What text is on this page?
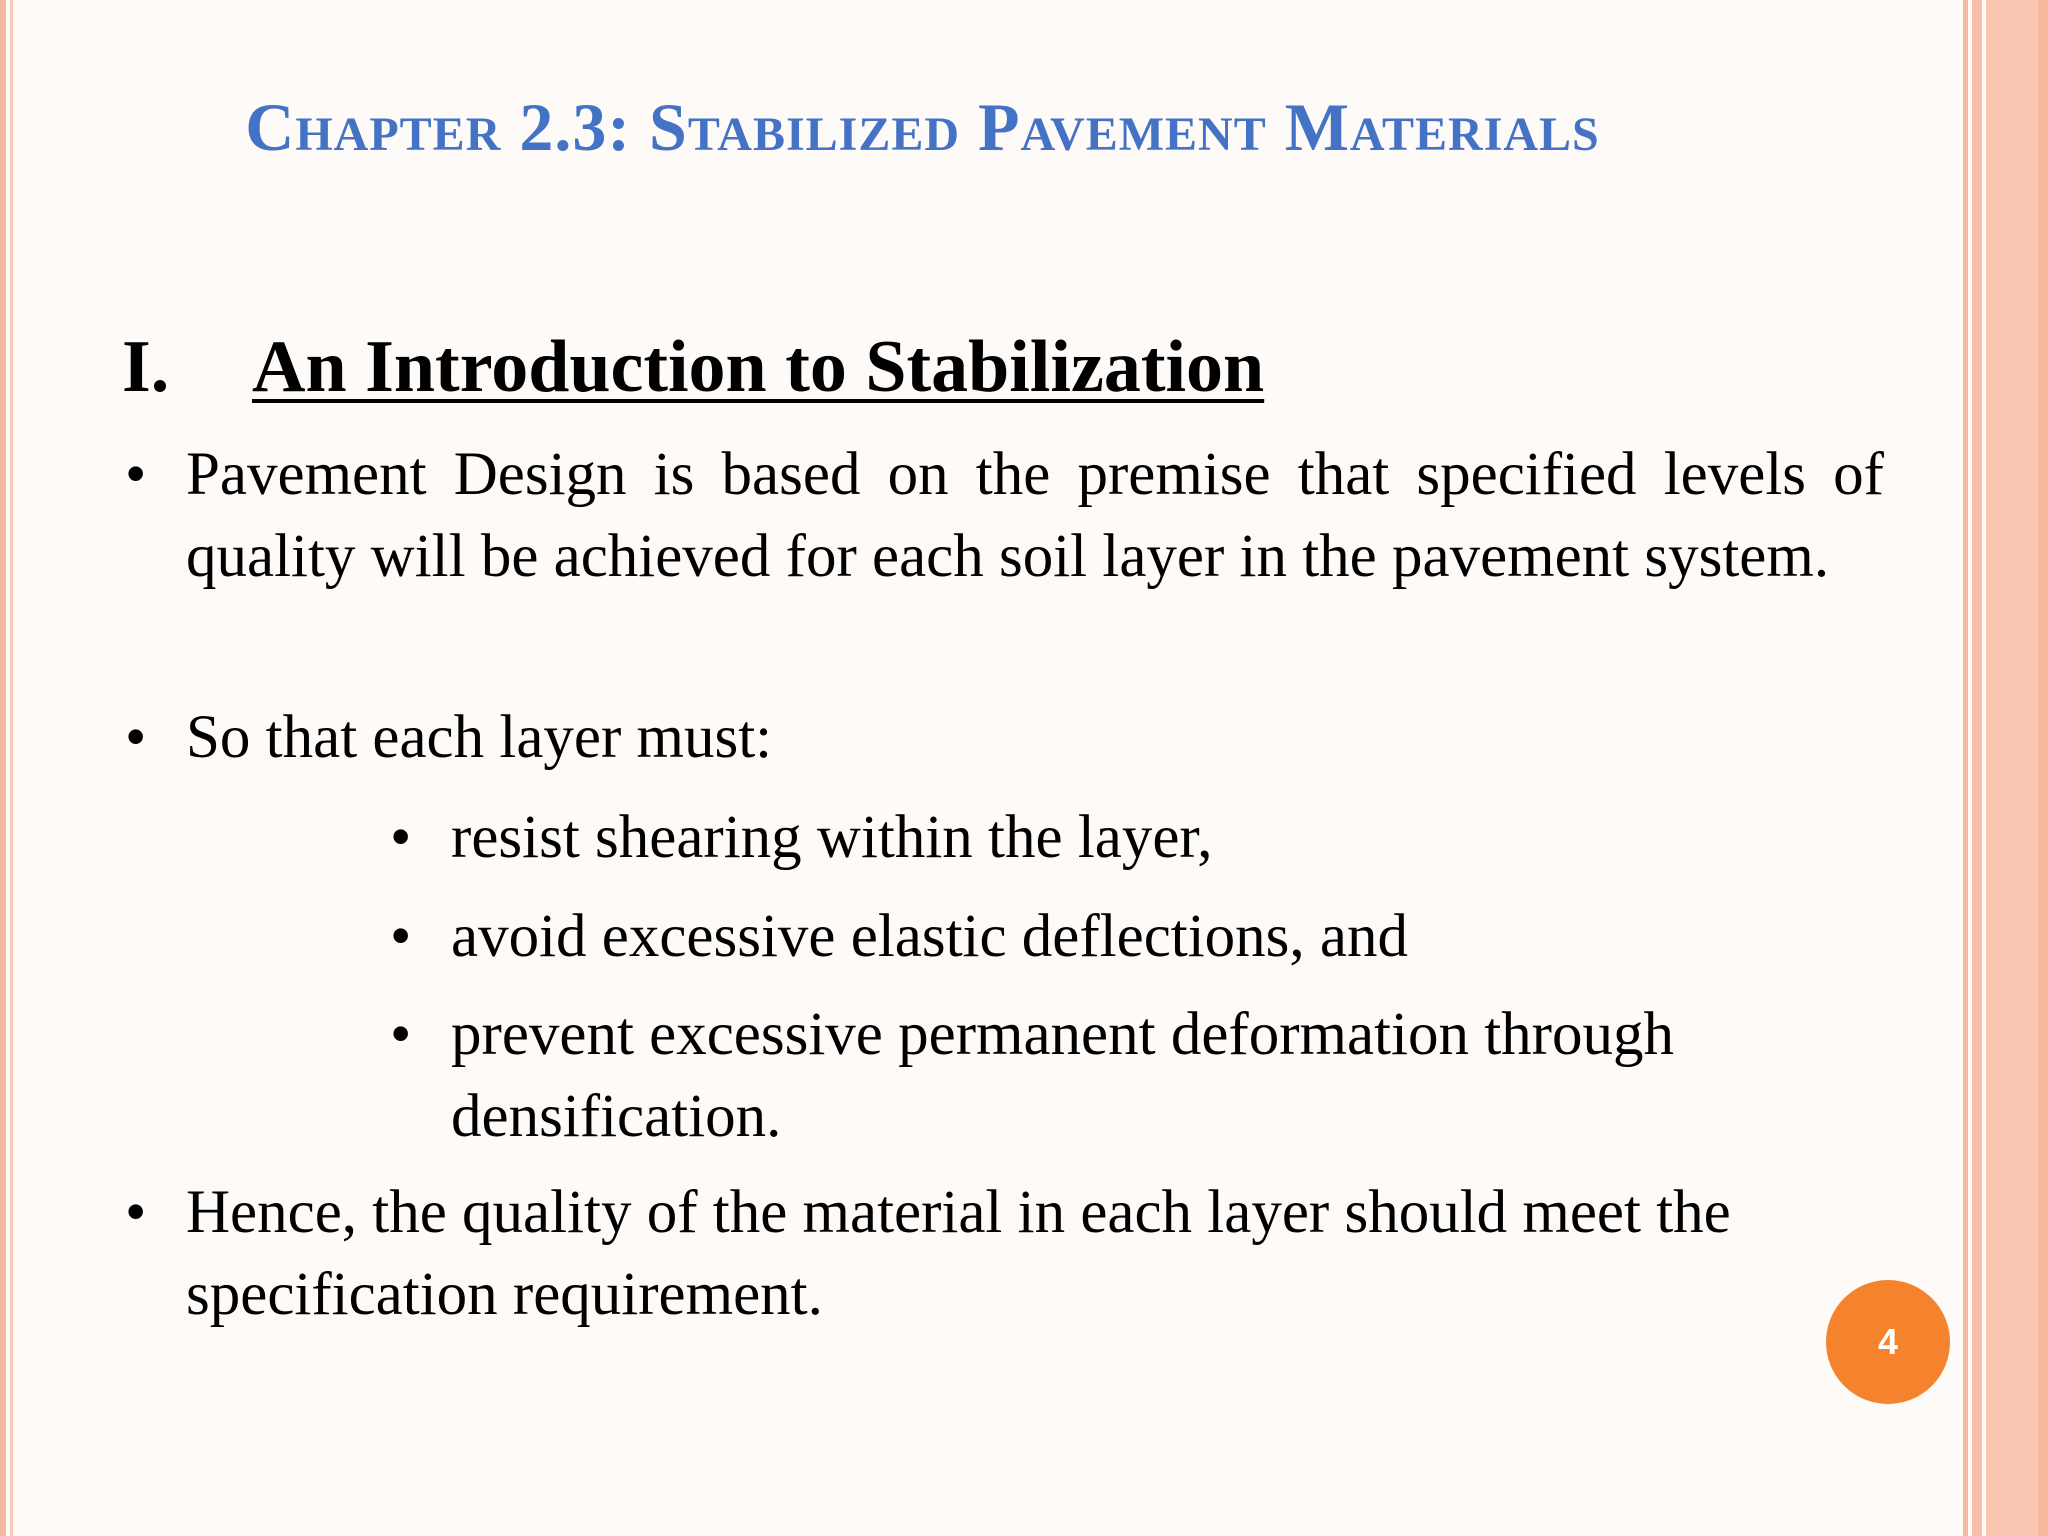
Chapter 2.3: Stabilized Pavement Materials
I. An Introduction to Stabilization
• Pavement Design is based on the premise that specified levels of quality will be achieved for each soil layer in the pavement system.
• So that each layer must:
• resist shearing within the layer,
• avoid excessive elastic deflections, and
• prevent excessive permanent deformation through densification.
• Hence, the quality of the material in each layer should meet the specification requirement.
4
